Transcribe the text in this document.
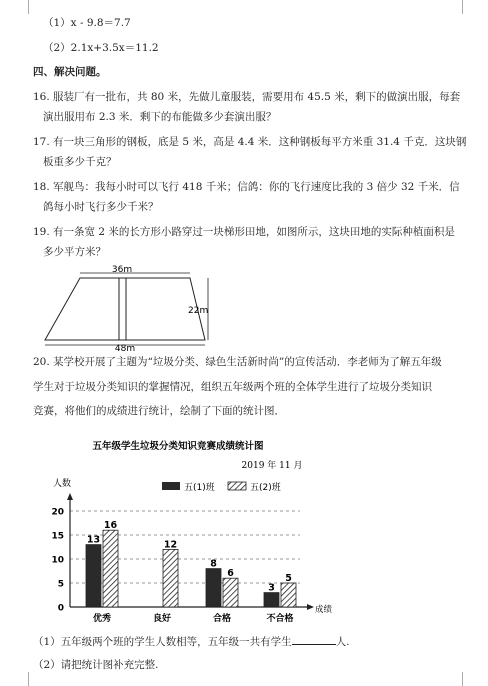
（1）x - 9.8＝7.7
（2）2.1x+3.5x＝11.2
四、解决问题。
16. 服装厂有一批布，共 80 米，先做儿童服装，需要用布 45.5 米，剩下的做演出服，每套
演出服用布 2.3 米．剩下的布能做多少套演出服？
17. 有一块三角形的钢板，底是 5 米，高是 4.4 米．这种钢板每平方米重 31.4 千克．这块钢
板重多少千克？
18. 军舰鸟：我每小时可以飞行 418 千米；信鸽：你的飞行速度比我的 3 倍少 32 千米．信
鸽每小时飞行多少千米？
19. 有一条宽 2 米的长方形小路穿过一块梯形田地，如图所示，这块田地的实际种植面积是
多少平方米？
36m
22m
48m
20. 某学校开展了主题为“垃圾分类、绿色生活新时尚”的宣传活动．李老师为了解五年级
学生对于垃圾分类知识的掌握情况，组织五年级两个班的全体学生进行了垃圾分类知识
竞赛，将他们的成绩进行统计，绘制了下面的统计图．
五年级学生垃圾分类知识竞赛成绩统计图
2019 年 11 月
人数
成绩
五(1)班	五(2)班
0
5
10
15
20
优秀
13
16
良好
12
合格
8
6
不合格
3
5
（1）五年级两个班的学生人数相等，五年级一共有学生	人.
（2）请把统计图补充完整.
